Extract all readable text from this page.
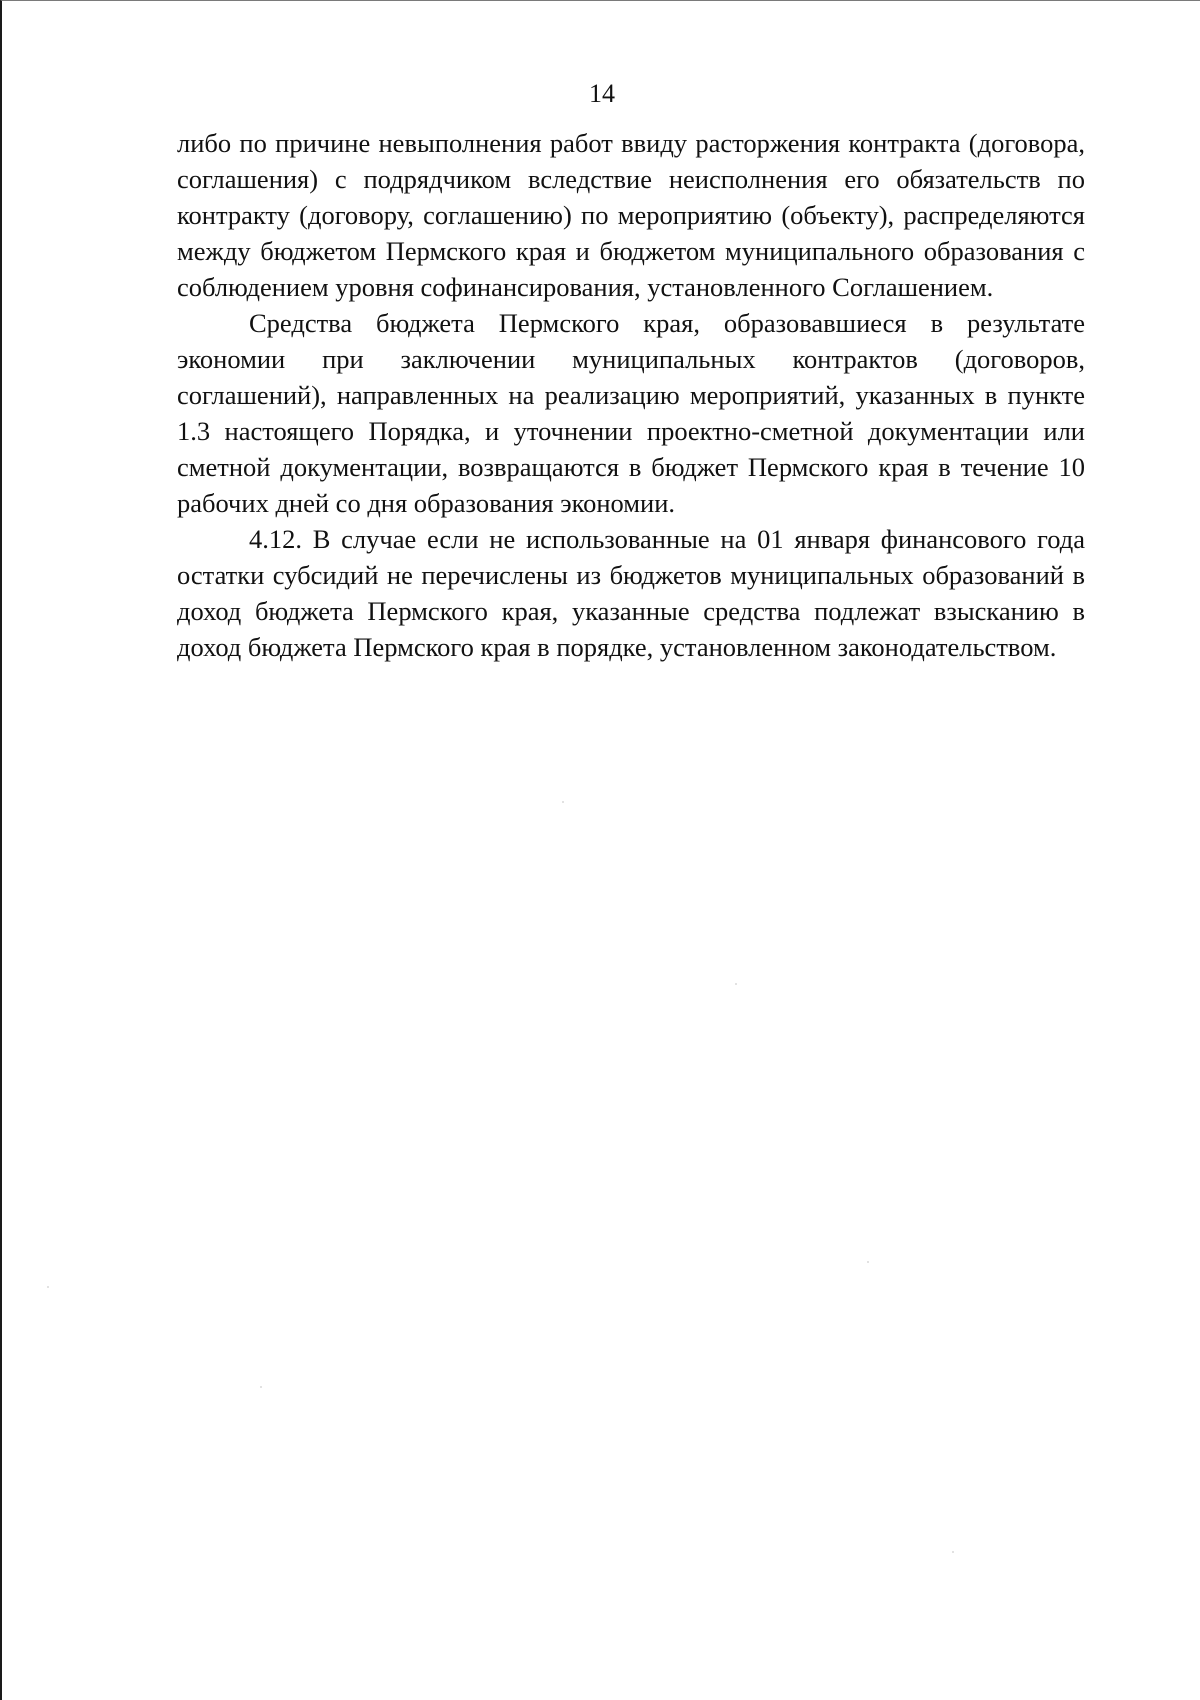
14

либо по причине невыполнения работ ввиду расторжения контракта (договора, соглашения) с подрядчиком вследствие неисполнения его обязательств по контракту (договору, соглашению) по мероприятию (объекту), распределяются между бюджетом Пермского края и бюджетом муниципального образования с соблюдением уровня софинансирования, установленного Соглашением.

Средства бюджета Пермского края, образовавшиеся в результате экономии при заключении муниципальных контрактов (договоров, соглашений), направленных на реализацию мероприятий, указанных в пункте 1.3 настоящего Порядка, и уточнении проектно-сметной документации или сметной документации, возвращаются в бюджет Пермского края в течение 10 рабочих дней со дня образования экономии.

4.12. В случае если не использованные на 01 января финансового года остатки субсидий не перечислены из бюджетов муниципальных образований в доход бюджета Пермского края, указанные средства подлежат взысканию в доход бюджета Пермского края в порядке, установленном законодательством.
